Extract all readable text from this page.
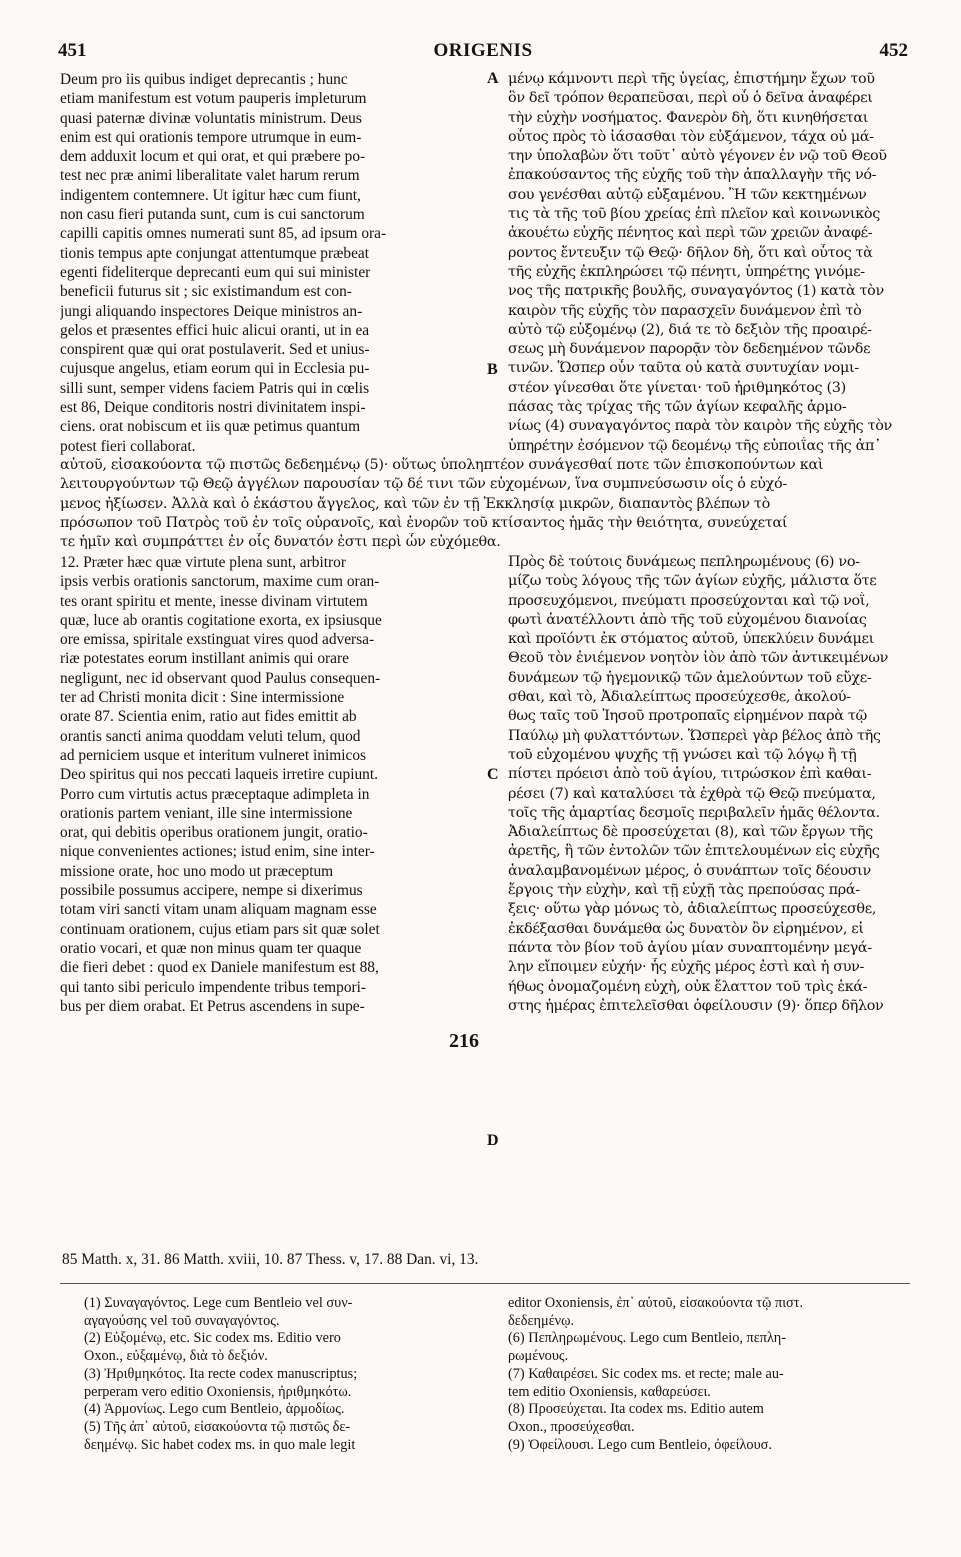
451	ORIGENIS	452
Deum pro iis quibus indiget deprecantis ; hunc
etiam manifestum est votum pauperis impleturum
quasi paternæ divinæ voluntatis ministrum. Deus
enim est qui orationis tempore utrumque in eum-
dem adduxit locum et qui orat, et qui præbere po-
test nec præ animi liberalitate valet harum rerum
indigentem contemnere. Ut igitur hæc cum fiunt,
non casu fieri putanda sunt, cum is cui sanctorum
capilli capitis omnes numerati sunt 85, ad ipsum ora-
tionis tempus apte conjungat attentumque præbeat
egenti fideliterque deprecanti eum qui sui minister
beneficii futurus sit ; sic existimandum est con-
jungi aliquando inspectores Deique ministros an-
gelos et præsentes effici huic alicui oranti, ut in ea
conspirent quæ qui orat postulaverit. Sed et unius-
cujusque angelus, etiam eorum qui in Ecclesia pu-
silli sunt, semper videns faciem Patris qui in cœlis
est 86, Deique conditoris nostri divinitatem inspi-
ciens. orat nobiscum et iis quæ petimus quantum
potest fieri collaborat.
μένῳ κάμνοντι περὶ τῆς ὑγείας, ἐπιστήμην ἔχων τοῦ
ὃν δεῖ τρόπον θεραπεῦσαι, περὶ οὗ ὁ δεῖνα ἀναφέρει
τὴν εὐχὴν νοσήματος. Φανερὸν δὴ, ὅτι κινηθήσεται
οὗτος πρὸς τὸ ἰάσασθαι τὸν εὐξάμενον, τάχα οὐ μά-
την ὑπολαβὼν ὅτι τοῦτ᾽ αὐτὸ γέγονεν ἐν νῷ τοῦ Θεοῦ
ἐπακούσαντος τῆς εὐχῆς τοῦ τὴν ἀπαλλαγὴν τῆς νό-
σου γενέσθαι αὐτῷ εὐξαμένου. Ἢ τῶν κεκτημένων
τις τὰ τῆς τοῦ βίου χρείας ἐπὶ πλεῖον καὶ κοινωνικὸς
ἀκουέτω εὐχῆς πένητος καὶ περὶ τῶν χρειῶν ἀναφέ-
ροντος ἔντευξιν τῷ Θεῷ· δῆλον δὴ, ὅτι καὶ οὗτος τὰ
τῆς εὐχῆς ἐκπληρώσει τῷ πένητι, ὑπηρέτης γινόμε-
νος τῆς πατρικῆς βουλῆς, συναγαγόντος (1) κατὰ τὸν
καιρὸν τῆς εὐχῆς τὸν παρασχεῖν δυνάμενον ἐπὶ τὸ
αὐτὸ τῷ εὐξομένῳ (2), διά τε τὸ δεξιὸν τῆς προαιρέ-
σεως μὴ δυνάμενον παρορᾷν τὸν δεδεημένον τῶνδε
τινῶν. Ὥσπερ οὖν ταῦτα οὐ κατὰ συντυχίαν νομι-
στέον γίνεσθαι ὅτε γίνεται· τοῦ ἠριθμηκότος (3)
πάσας τὰς τρίχας τῆς τῶν ἁγίων κεφαλῆς ἁρμο-
νίως (4) συναγαγόντος παρὰ τὸν καιρὸν τῆς εὐχῆς τὸν
ὑπηρέτην ἐσόμενον τῷ δεομένῳ τῆς εὐποιΐας τῆς ἀπ᾽
αὐτοῦ, εἰσακούοντα τῷ πιστῶς δεδεημένῳ (5)· οὕτως ὑποληπτέον συνάγεσθαί ποτε τῶν ἐπισκοπούντων καὶ
λειτουργούντων τῷ Θεῷ ἀγγέλων παρουσίαν τῷ δέ τινι τῶν εὐχομένων, ἵνα συμπνεύσωσιν οἷς ὁ εὐχό-
μενος ἠξίωσεν. Ἀλλὰ καὶ ὁ ἑκάστου ἄγγελος, καὶ τῶν ἐν τῇ Ἐκκλησίᾳ μικρῶν, διαπαντὸς βλέπων τὸ
πρόσωπον τοῦ Πατρὸς τοῦ ἐν τοῖς οὐρανοῖς, καὶ ἐνορῶν τοῦ κτίσαντος ἡμᾶς τὴν θειότητα, συνεύχεταί
τε ἡμῖν καὶ συμπράττει ἐν οἷς δυνατόν ἐστι περὶ ὧν εὐχόμεθα.
12. Præter hæc quæ virtute plena sunt, arbitror
ipsis verbis orationis sanctorum, maxime cum oran-
tes orant spiritu et mente, inesse divinam virtutem
quæ, luce ab orantis cogitatione exorta, ex ipsiusque
ore emissa, spiritale exstinguat vires quod adversa-
riæ potestates eorum instillant animis qui orare
negligunt, nec id observant quod Paulus consequen-
ter ad Christi monita dicit : Sine intermissione
orate 87. Scientia enim, ratio aut fides emittit ab
orantis sancti anima quoddam veluti telum, quod
ad perniciem usque et interitum vulneret inimicos
Deo spiritus qui nos peccati laqueis irretire cupiunt.
Porro cum virtutis actus præceptaque adimpleta in
orationis partem veniant, ille sine intermissione
orat, qui debitis operibus orationem jungit, oratio-
nique convenientes actiones; istud enim, sine inter-
missione orate, hoc uno modo ut præceptum
possibile possumus accipere, nempe si dixerimus
totam viri sancti vitam unam aliquam magnam esse
continuam orationem, cujus etiam pars sit quæ solet
oratio vocari, et quæ non minus quam ter quaque
die fieri debet : quod ex Daniele manifestum est 88,
qui tanto sibi periculo impendente tribus tempori-
bus per diem orabat. Et Petrus ascendens in supe-
Πρὸς δὲ τούτοις δυνάμεως πεπληρωμένους (6) νο-
μίζω τοὺς λόγους τῆς τῶν ἁγίων εὐχῆς, μάλιστα ὅτε
προσευχόμενοι, πνεύματι προσεύχονται καὶ τῷ νοῒ,
φωτὶ ἀνατέλλοντι ἀπὸ τῆς τοῦ εὐχομένου διανοίας
καὶ προϊόντι ἐκ στόματος αὐτοῦ, ὑπεκλύειν δυνάμει
Θεοῦ τὸν ἐνιέμενον νοητὸν ἰὸν ἀπὸ τῶν ἀντικειμένων
δυνάμεων τῷ ἡγεμονικῷ τῶν ἀμελούντων τοῦ εὔχε-
σθαι, καὶ τὸ, Ἀδιαλείπτως προσεύχεσθε, ἀκολού-
θως ταῖς τοῦ Ἰησοῦ προτροπαῖς εἰρημένον παρὰ τῷ
Παύλῳ μὴ φυλαττόντων. Ὥσπερεὶ γὰρ βέλος ἀπὸ τῆς
τοῦ εὐχομένου ψυχῆς τῇ γνώσει καὶ τῷ λόγῳ ἢ τῇ
πίστει πρόεισι ἀπὸ τοῦ ἁγίου, τιτρώσκον ἐπὶ καθαι-
ρέσει (7) καὶ καταλύσει τὰ ἐχθρὰ τῷ Θεῷ πνεύματα,
τοῖς τῆς ἁμαρτίας δεσμοῖς περιβαλεῖν ἡμᾶς θέλοντα.
Ἀδιαλείπτως δὲ προσεύχεται (8), καὶ τῶν ἔργων τῆς
ἀρετῆς, ἢ τῶν ἐντολῶν τῶν ἐπιτελουμένων εἰς εὐχῆς
ἀναλαμβανομένων μέρος, ὁ συνάπτων τοῖς δέουσιν
ἔργοις τὴν εὐχὴν, καὶ τῇ εὐχῇ τὰς πρεπούσας πρά-
ξεις· οὕτω γὰρ μόνως τὸ, ἀδιαλείπτως προσεύχεσθε,
ἐκδέξασθαι δυνάμεθα ὡς δυνατὸν ὂν εἰρημένον, εἰ
πάντα τὸν βίον τοῦ ἁγίου μίαν συναπτομένην μεγά-
λην εἴποιμεν εὐχήν· ἧς εὐχῆς μέρος ἐστὶ καὶ ἡ συν-
ήθως ὀνομαζομένη εὐχὴ, οὐκ ἔλαττον τοῦ τρὶς ἑκά-
στης ἡμέρας ἐπιτελεῖσθαι ὀφείλουσιν (9)· ὅπερ δῆλον
A
B
C
D
216
85 Matth. x, 31. 86 Matth. xviii, 10. 87 Thess. v, 17. 88 Dan. vi, 13.
(1) Συναγαγόντος. Lege cum Bentleio vel συν-
αγαγούσης vel τοῦ συναγαγόντος.
(2) Εὐξομένῳ, etc. Sic codex ms. Editio vero
Oxon., εὐξαμένῳ, διὰ τὸ δεξιόν.
(3) Ἠριθμηκότος. Ita recte codex manuscriptus;
perperam vero editio Oxoniensis, ἠριθμηκότω.
(4) Ἁρμονίως. Lego cum Bentleio, ἁρμοδίως.
(5) Τῆς ἀπ᾽ αὐτοῦ, εἰσακούοντα τῷ πιστῶς δε-
δεημένῳ. Sic habet codex ms. in quo male legit
editor Oxoniensis, ἐπ᾽ αὐτοῦ, εἰσακούοντα τῷ πιστ.
δεδεημένῳ.
(6) Πεπληρωμένους. Lego cum Bentleio, πεπλη-
ρωμένους.
(7) Καθαιρέσει. Sic codex ms. et recte; male au-
tem editio Oxoniensis, καθαρεύσει.
(8) Προσεύχεται. Ita codex ms. Editio autem
Oxon., προσεύχεσθαι.
(9) Ὀφείλουσι. Lego cum Bentleio, ὀφείλουσ.
